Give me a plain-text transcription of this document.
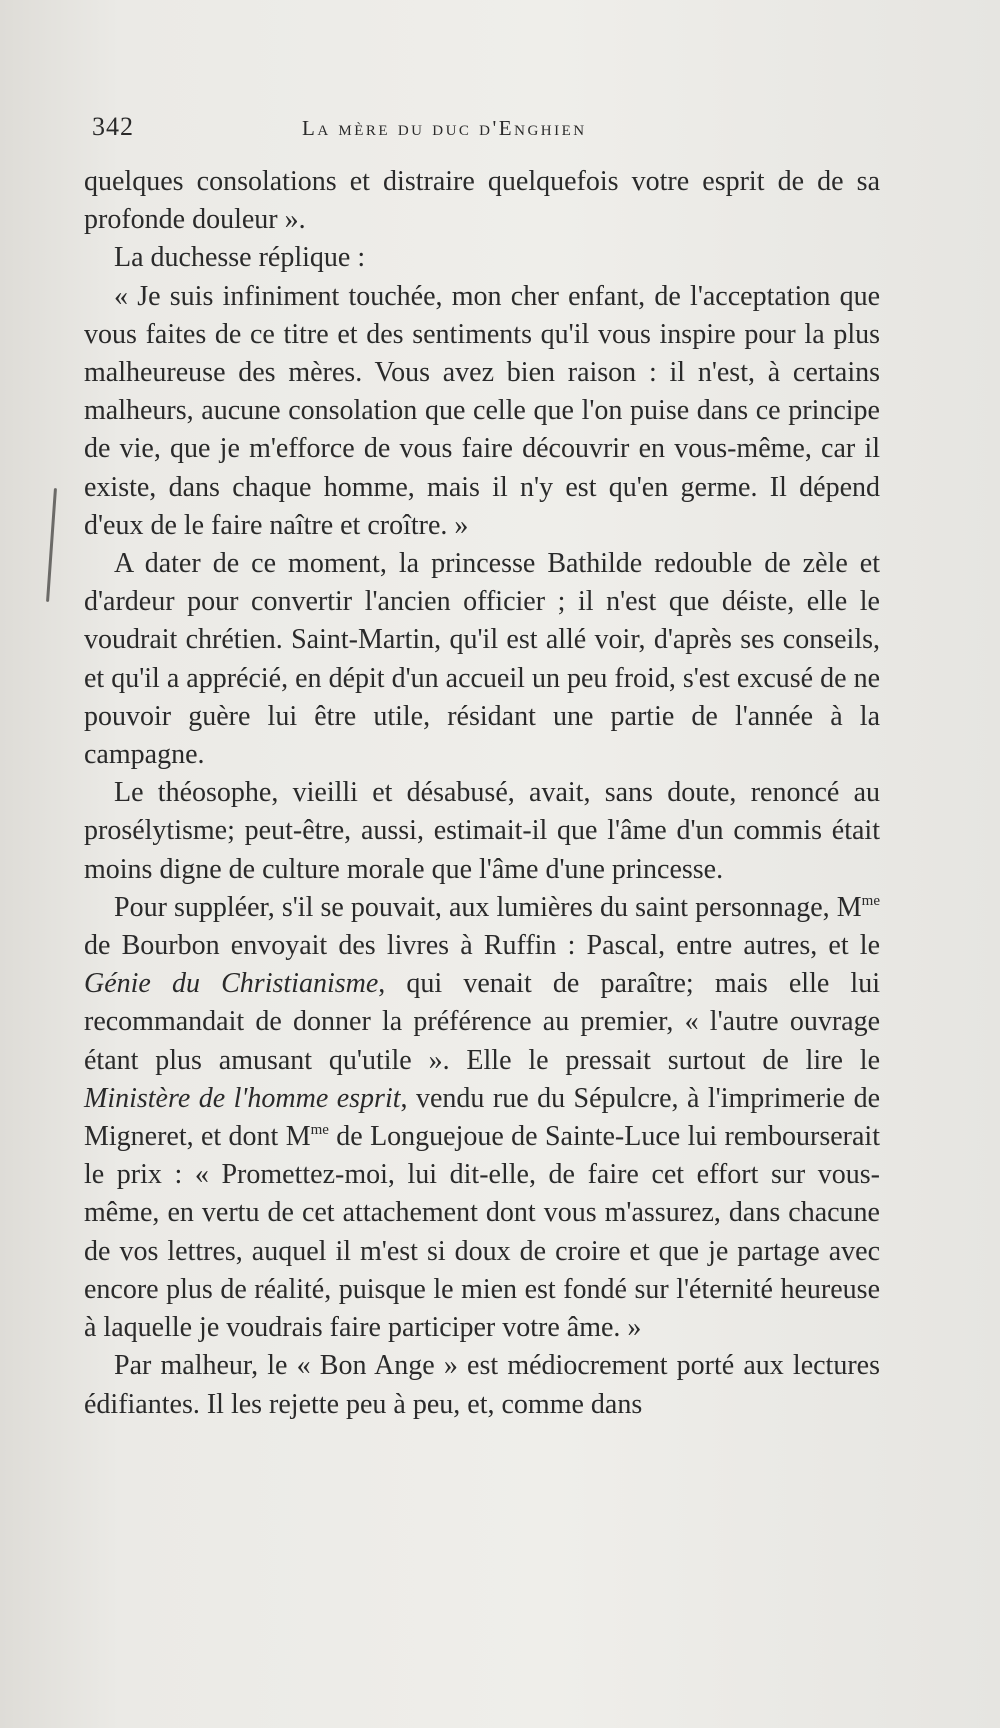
342	La mère du duc d'Enghien

quelques consolations et distraire quelquefois votre esprit de de sa profonde douleur ».

La duchesse réplique :

« Je suis infiniment touchée, mon cher enfant, de l'acceptation que vous faites de ce titre et des sentiments qu'il vous inspire pour la plus malheureuse des mères. Vous avez bien raison : il n'est, à certains malheurs, aucune consolation que celle que l'on puise dans ce principe de vie, que je m'efforce de vous faire découvrir en vous-même, car il existe, dans chaque homme, mais il n'y est qu'en germe. Il dépend d'eux de le faire naître et croître. »

A dater de ce moment, la princesse Bathilde redouble de zèle et d'ardeur pour convertir l'ancien officier ; il n'est que déiste, elle le voudrait chrétien. Saint-Martin, qu'il est allé voir, d'après ses conseils, et qu'il a apprécié, en dépit d'un accueil un peu froid, s'est excusé de ne pouvoir guère lui être utile, résidant une partie de l'année à la campagne.

Le théosophe, vieilli et désabusé, avait, sans doute, renoncé au prosélytisme; peut-être, aussi, estimait-il que l'âme d'un commis était moins digne de culture morale que l'âme d'une princesse.

Pour suppléer, s'il se pouvait, aux lumières du saint personnage, $M^{me}$ de Bourbon envoyait des livres à Ruffin : Pascal, entre autres, et le Génie du Christianisme, qui venait de paraître; mais elle lui recommandait de donner la préférence au premier, « l'autre ouvrage étant plus amusant qu'utile ». Elle le pressait surtout de lire le Ministère de l'homme esprit, vendu rue du Sépulcre, à l'imprimerie de Migneret, et dont $M^{me}$ de Longuejoue de Sainte-Luce lui rembourserait le prix : « Promettez-moi, lui dit-elle, de faire cet effort sur vous-même, en vertu de cet attachement dont vous m'assurez, dans chacune de vos lettres, auquel il m'est si doux de croire et que je partage avec encore plus de réalité, puisque le mien est fondé sur l'éternité heureuse à laquelle je voudrais faire participer votre âme. »

Par malheur, le « Bon Ange » est médiocrement porté aux lectures édifiantes. Il les rejette peu à peu, et, comme dans
